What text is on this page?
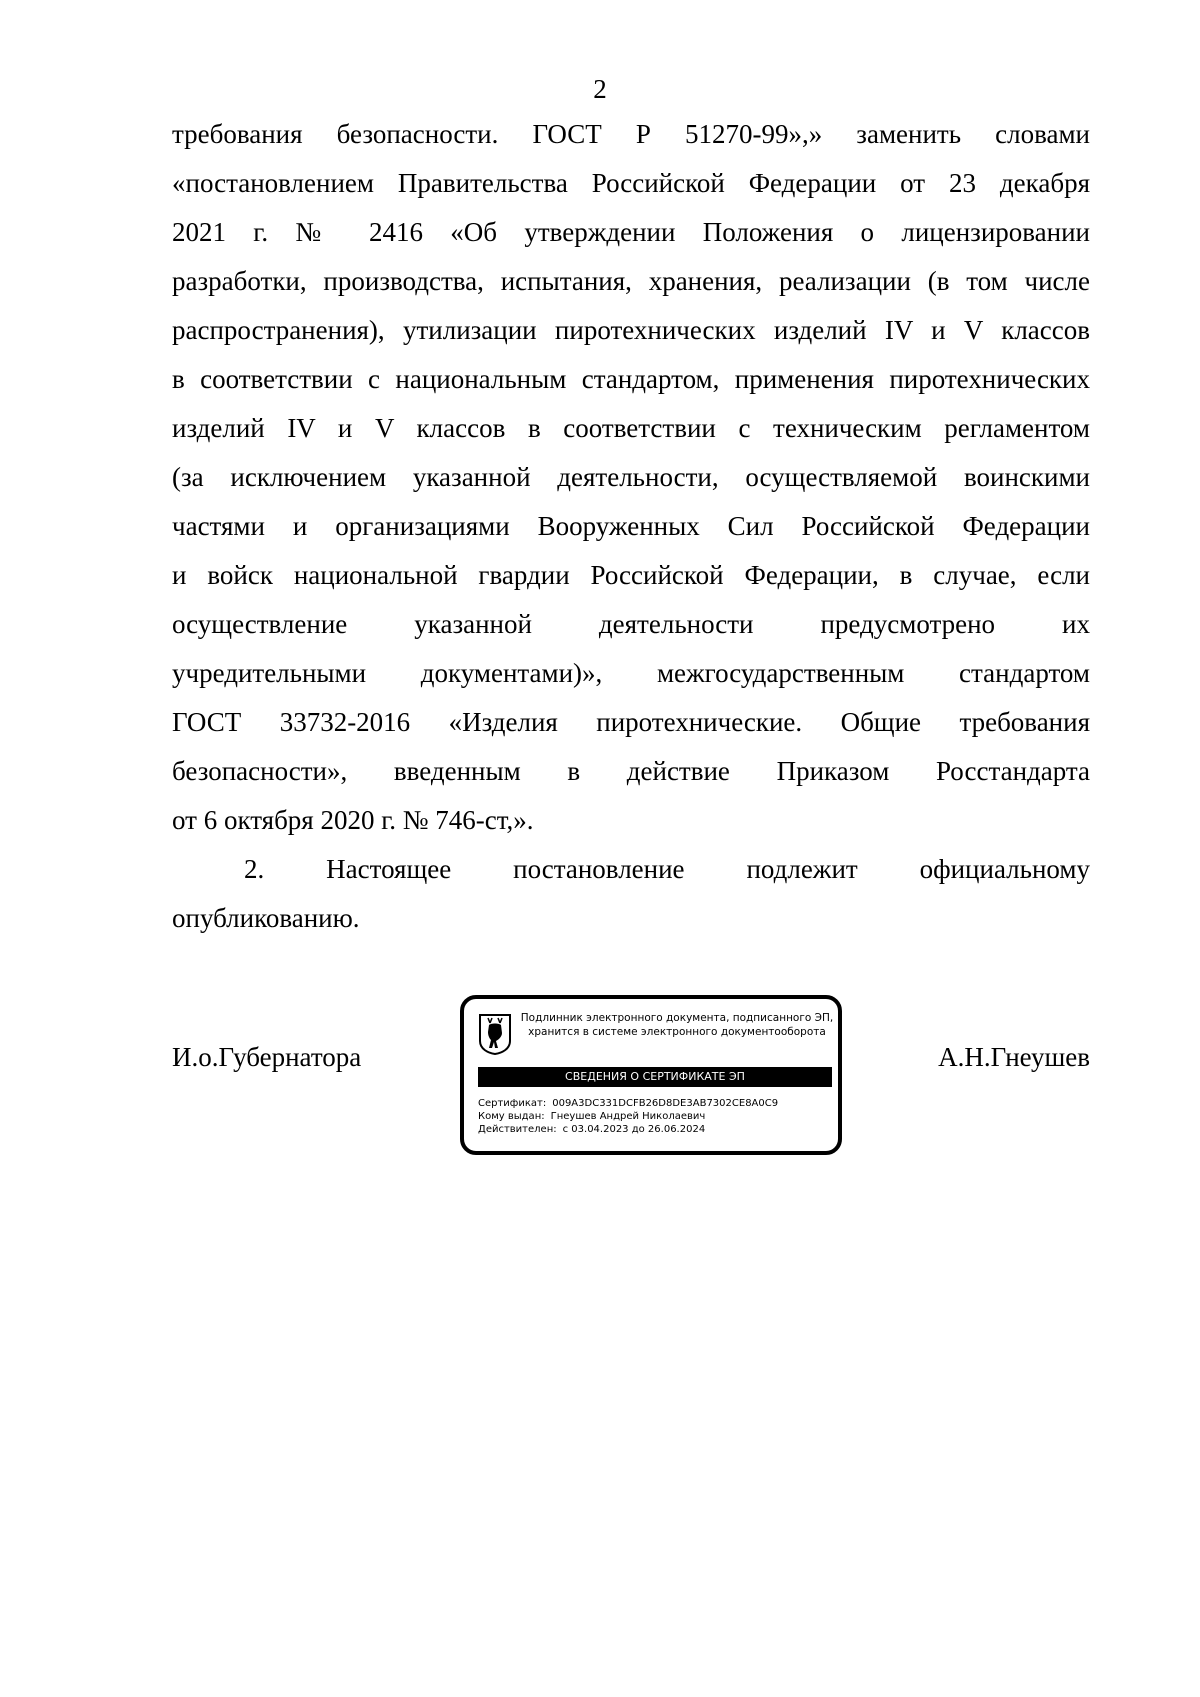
2
требования безопасности. ГОСТ Р 51270-99»,» заменить словами
«постановлением Правительства Российской Федерации от 23 декабря
2021 г. № 2416 «Об утверждении Положения о лицензировании
разработки, производства, испытания, хранения, реализации (в том числе
распространения), утилизации пиротехнических изделий IV и V классов
в соответствии с национальным стандартом, применения пиротехнических
изделий IV и V классов в соответствии с техническим регламентом
(за исключением указанной деятельности, осуществляемой воинскими
частями и организациями Вооруженных Сил Российской Федерации
и войск национальной гвардии Российской Федерации, в случае, если
осуществление указанной деятельности предусмотрено их
учредительными документами)», межгосударственным стандартом
ГОСТ 33732-2016 «Изделия пиротехнические. Общие требования
безопасности», введенным в действие Приказом Росстандарта
от 6 октября 2020 г. № 746-ст,».
2. Настоящее постановление подлежит официальному
опубликованию.
И.о.Губернатора	А.Н.Гнеушев
Подлинник электронного документа, подписанного ЭП,
хранится в системе электронного документооборота
СВЕДЕНИЯ О СЕРТИФИКАТЕ ЭП
Сертификат: 009A3DC331DCFB26D8DE3AB7302CE8A0C9
Кому выдан: Гнеушев Андрей Николаевич
Действителен: с 03.04.2023 до 26.06.2024
